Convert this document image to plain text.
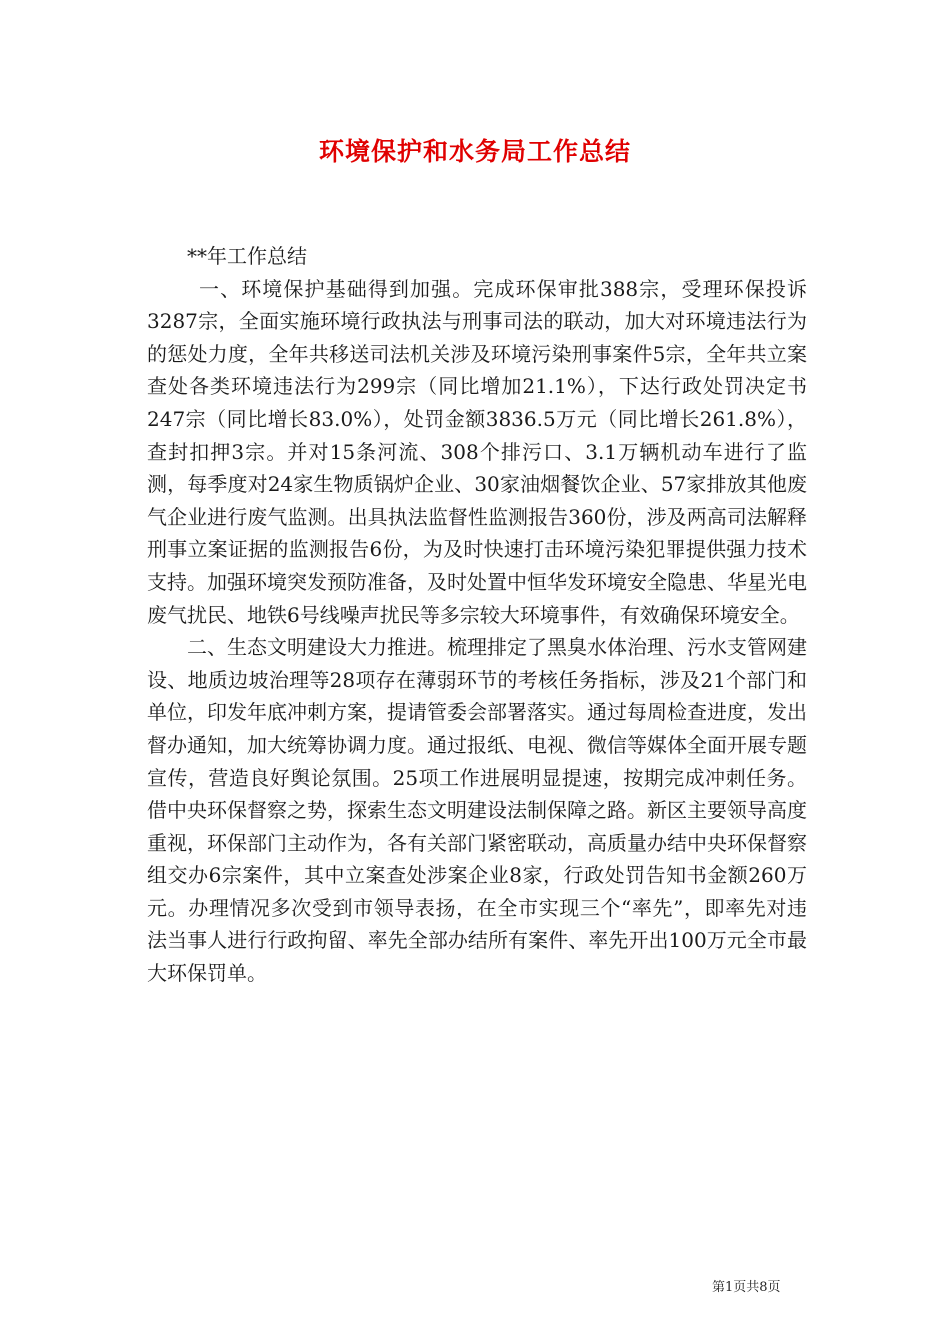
环境保护和水务局工作总结

**年工作总结

一、环境保护基础得到加强。完成环保审批388宗，受理环保投诉3287宗，全面实施环境行政执法与刑事司法的联动，加大对环境违法行为的惩处力度，全年共移送司法机关涉及环境污染刑事案件5宗，全年共立案查处各类环境违法行为299宗（同比增加21.1%），下达行政处罚决定书247宗（同比增长83.0%），处罚金额3836.5万元（同比增长261.8%），查封扣押3宗。并对15条河流、308个排污口、3.1万辆机动车进行了监测，每季度对24家生物质锅炉企业、30家油烟餐饮企业、57家排放其他废气企业进行废气监测。出具执法监督性监测报告360份，涉及两高司法解释刑事立案证据的监测报告6份，为及时快速打击环境污染犯罪提供强力技术支持。加强环境突发预防准备，及时处置中恒华发环境安全隐患、华星光电废气扰民、地铁6号线噪声扰民等多宗较大环境事件，有效确保环境安全。

二、生态文明建设大力推进。梳理排定了黑臭水体治理、污水支管网建设、地质边坡治理等28项存在薄弱环节的考核任务指标，涉及21个部门和单位，印发年底冲刺方案，提请管委会部署落实。通过每周检查进度，发出督办通知，加大统筹协调力度。通过报纸、电视、微信等媒体全面开展专题宣传，营造良好舆论氛围。25项工作进展明显提速，按期完成冲刺任务。借中央环保督察之势，探索生态文明建设法制保障之路。新区主要领导高度重视，环保部门主动作为，各有关部门紧密联动，高质量办结中央环保督察组交办6宗案件，其中立案查处涉案企业8家，行政处罚告知书金额260万元。办理情况多次受到市领导表扬，在全市实现三个“率先”，即率先对违法当事人进行行政拘留、率先全部办结所有案件、率先开出100万元全市最大环保罚单。

第1页共8页
